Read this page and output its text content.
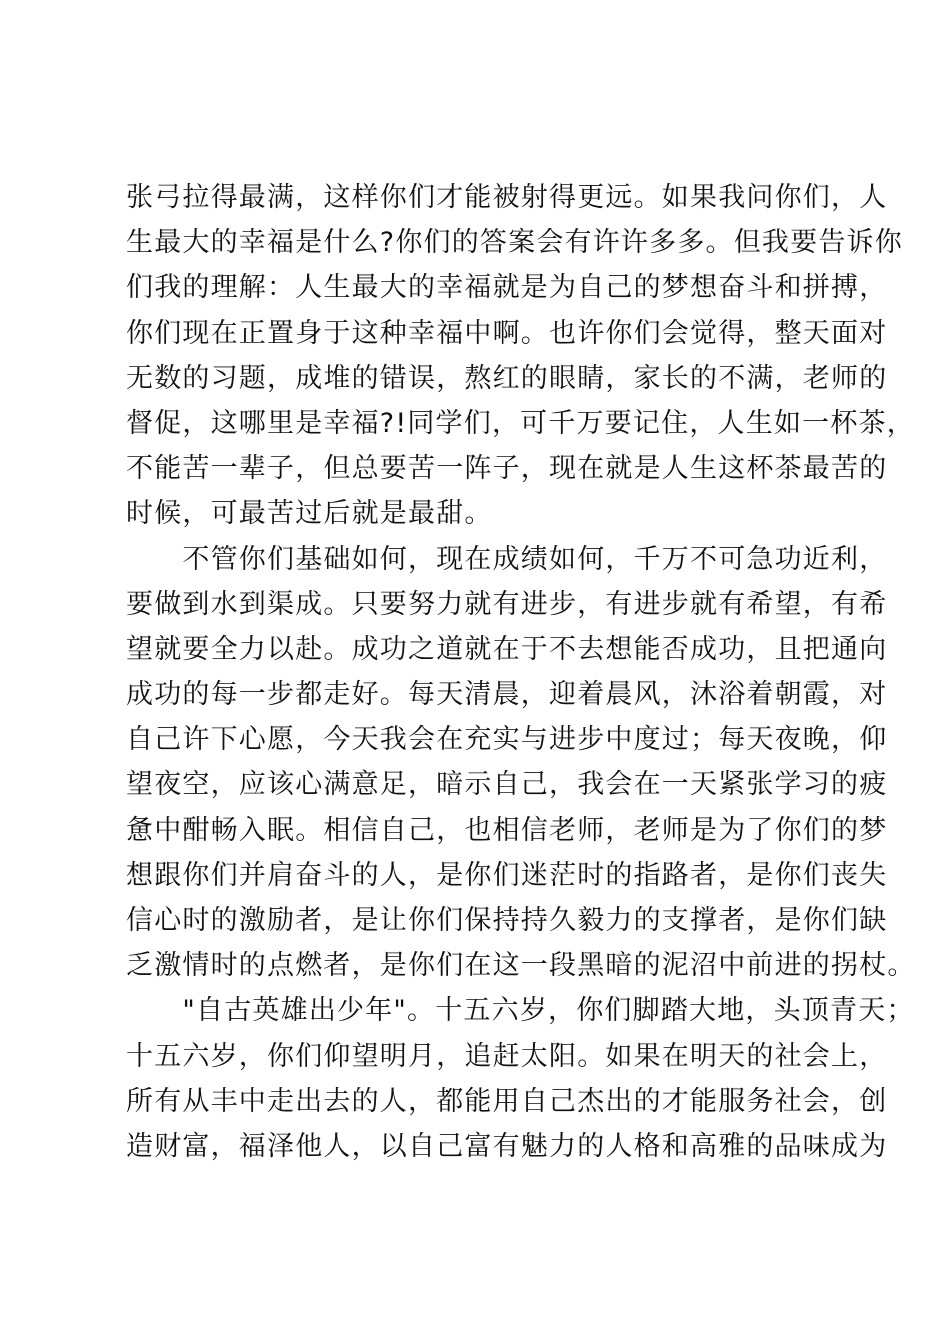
张弓拉得最满，这样你们才能被射得更远。如果我问你们，人
生最大的幸福是什么?你们的答案会有许许多多。但我要告诉你
们我的理解：人生最大的幸福就是为自己的梦想奋斗和拼搏，
你们现在正置身于这种幸福中啊。也许你们会觉得，整天面对
无数的习题，成堆的错误，熬红的眼睛，家长的不满，老师的
督促，这哪里是幸福?!同学们，可千万要记住，人生如一杯茶，
不能苦一辈子，但总要苦一阵子，现在就是人生这杯茶最苦的
时候，可最苦过后就是最甜。
　　不管你们基础如何，现在成绩如何，千万不可急功近利，
要做到水到渠成。只要努力就有进步，有进步就有希望，有希
望就要全力以赴。成功之道就在于不去想能否成功，且把通向
成功的每一步都走好。每天清晨，迎着晨风，沐浴着朝霞，对
自己许下心愿，今天我会在充实与进步中度过；每天夜晚，仰
望夜空，应该心满意足，暗示自己，我会在一天紧张学习的疲
惫中酣畅入眠。相信自己，也相信老师，老师是为了你们的梦
想跟你们并肩奋斗的人，是你们迷茫时的指路者，是你们丧失
信心时的激励者，是让你们保持持久毅力的支撑者，是你们缺
乏激情时的点燃者，是你们在这一段黑暗的泥沼中前进的拐杖。
　　"自古英雄出少年"。十五六岁，你们脚踏大地，头顶青天；
十五六岁，你们仰望明月，追赶太阳。如果在明天的社会上，
所有从丰中走出去的人，都能用自己杰出的才能服务社会，创
造财富，福泽他人，以自己富有魅力的人格和高雅的品味成为
